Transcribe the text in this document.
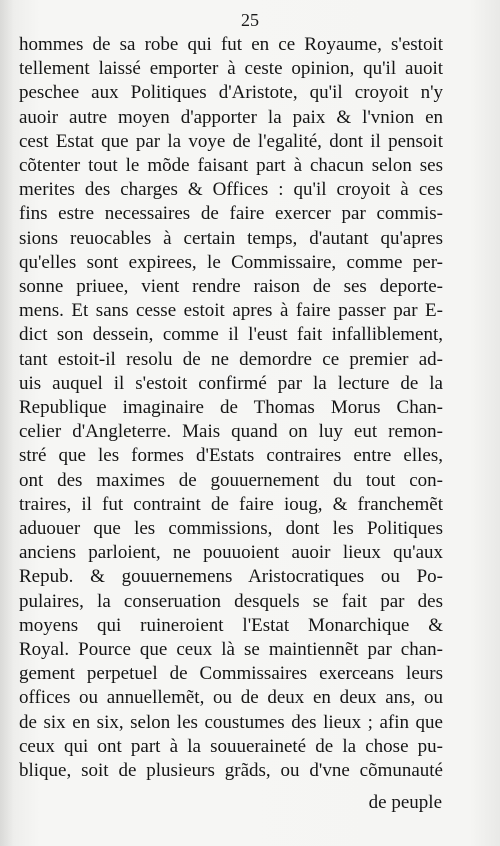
25
hommes de sa robe qui fut en ce Royaume, s'estoit
tellement laissé emporter à ceste opinion, qu'il auoit
peschee aux Politiques d'Aristote, qu'il croyoit n'y
auoir autre moyen d'apporter la paix & l'vnion en
cest Estat que par la voye de l'egalité, dont il pensoit
cõtenter tout le mõde faisant part à chacun selon ses
merites des charges & Offices : qu'il croyoit à ces
fins estre necessaires de faire exercer par commis-
sions reuocables à certain temps, d'autant qu'apres
qu'elles sont expirees, le Commissaire, comme per-
sonne priuee, vient rendre raison de ses deporte-
mens. Et sans cesse estoit apres à faire passer par E-
dict son dessein, comme il l'eust fait infalliblement,
tant estoit-il resolu de ne demordre ce premier ad-
uis auquel il s'estoit confirmé par la lecture de la
Republique imaginaire de Thomas Morus Chan-
celier d'Angleterre. Mais quand on luy eut remon-
stré que les formes d'Estats contraires entre elles,
ont des maximes de gouuernement du tout con-
traires, il fut contraint de faire ioug, & franchemẽt
aduouer que les commissions, dont les Politiques
anciens parloient, ne pouuoient auoir lieux qu'aux
Repub. & gouuernemens Aristocratiques ou Po-
pulaires, la conseruation desquels se fait par des
moyens qui ruineroient l'Estat Monarchique &
Royal. Pource que ceux là se maintiennẽt par chan-
gement perpetuel de Commissaires exerceans leurs
offices ou annuellemẽt, ou de deux en deux ans, ou
de six en six, selon les coustumes des lieux ; afin que
ceux qui ont part à la souueraineté de la chose pu-
blique, soit de plusieurs grãds, ou d'vne cõmunauté
de peuple
